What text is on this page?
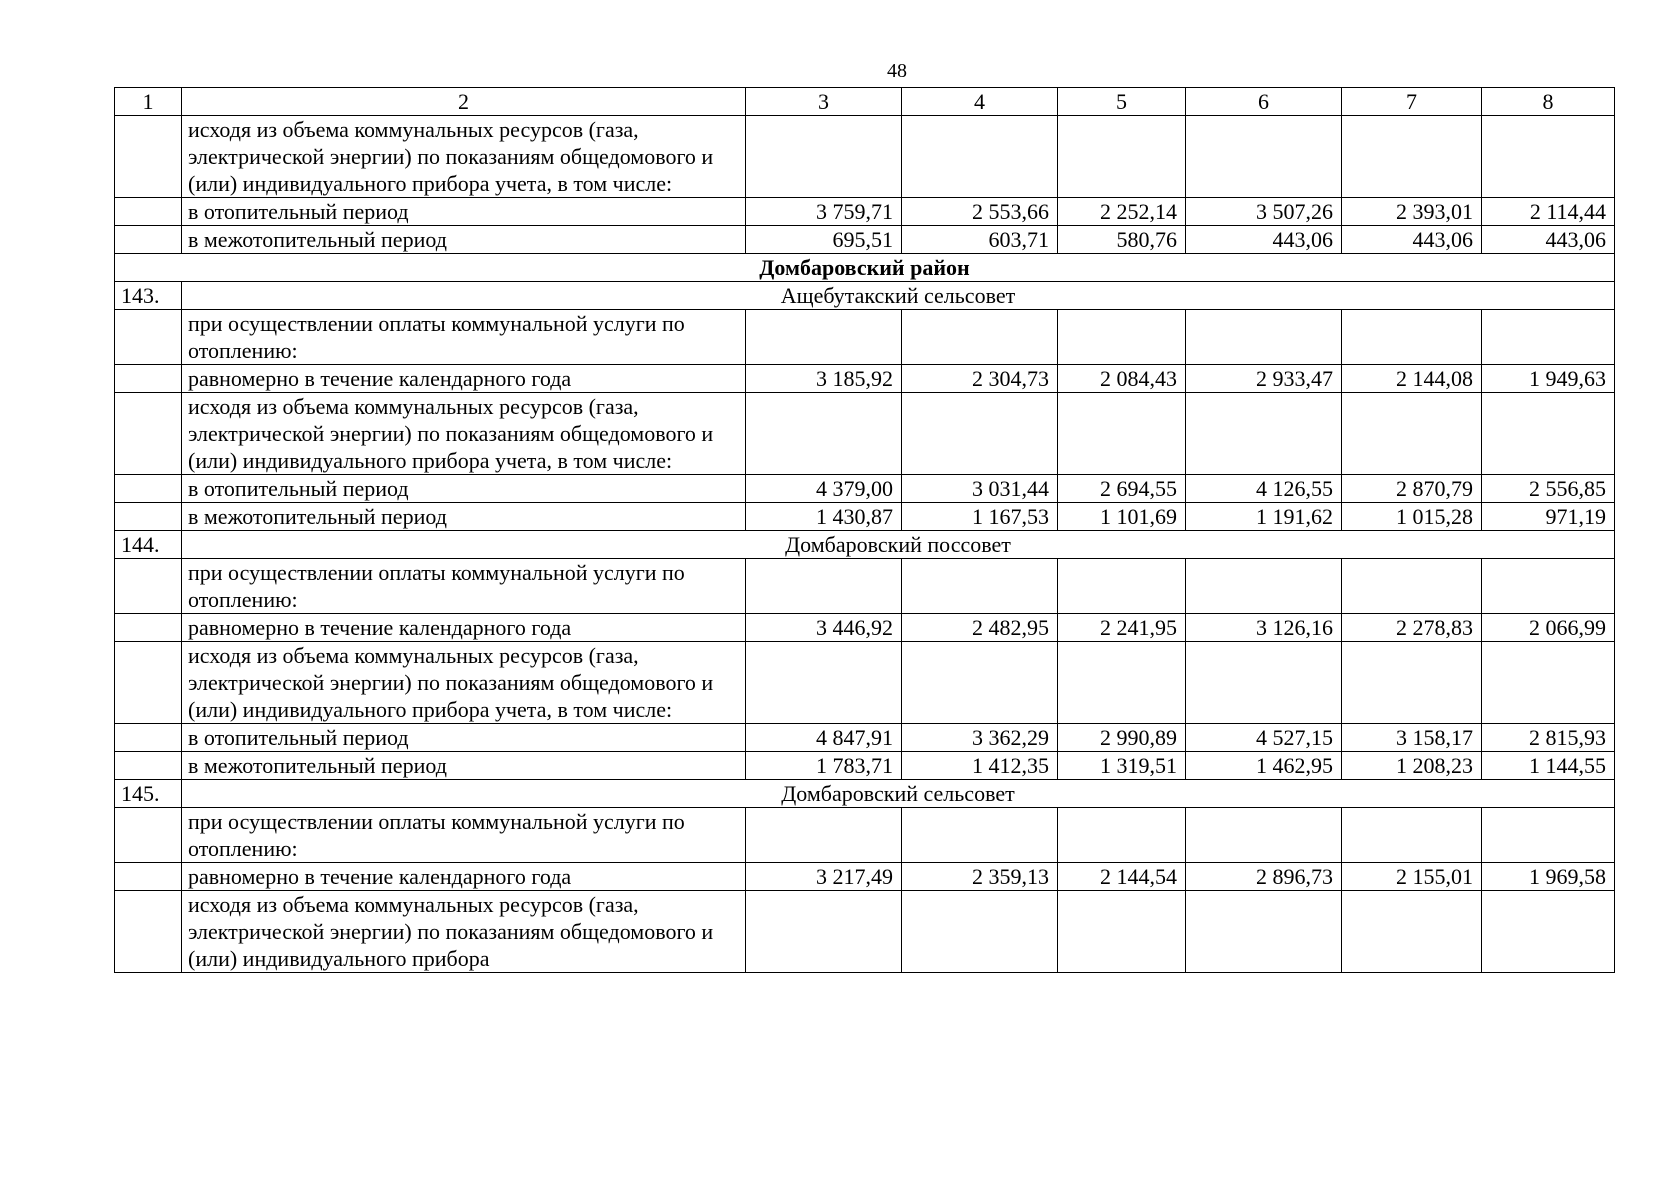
48
1	2	3	4	5	6	7	8
	исходя из объема коммунальных ресурсов (газа, электрической энергии) по показаниям общедомового и (или) индивидуального прибора учета, в том числе:						
	в отопительный период	3 759,71	2 553,66	2 252,14	3 507,26	2 393,01	2 114,44
	в межотопительный период	695,51	603,71	580,76	443,06	443,06	443,06
Домбаровский район							
143.	Ащебутакский сельсовет						
	при осуществлении оплаты коммунальной услуги по отоплению:						
	равномерно в течение календарного года	3 185,92	2 304,73	2 084,43	2 933,47	2 144,08	1 949,63
	исходя из объема коммунальных ресурсов (газа, электрической энергии) по показаниям общедомового и (или) индивидуального прибора учета, в том числе:						
	в отопительный период	4 379,00	3 031,44	2 694,55	4 126,55	2 870,79	2 556,85
	в межотопительный период	1 430,87	1 167,53	1 101,69	1 191,62	1 015,28	971,19
144.	Домбаровский поссовет						
	при осуществлении оплаты коммунальной услуги по отоплению:						
	равномерно в течение календарного года	3 446,92	2 482,95	2 241,95	3 126,16	2 278,83	2 066,99
	исходя из объема коммунальных ресурсов (газа, электрической энергии) по показаниям общедомового и (или) индивидуального прибора учета, в том числе:						
	в отопительный период	4 847,91	3 362,29	2 990,89	4 527,15	3 158,17	2 815,93
	в межотопительный период	1 783,71	1 412,35	1 319,51	1 462,95	1 208,23	1 144,55
145.	Домбаровский сельсовет						
	при осуществлении оплаты коммунальной услуги по отоплению:						
	равномерно в течение календарного года	3 217,49	2 359,13	2 144,54	2 896,73	2 155,01	1 969,58
	исходя из объема коммунальных ресурсов (газа, электрической энергии) по показаниям общедомового и (или) индивидуального прибора						
